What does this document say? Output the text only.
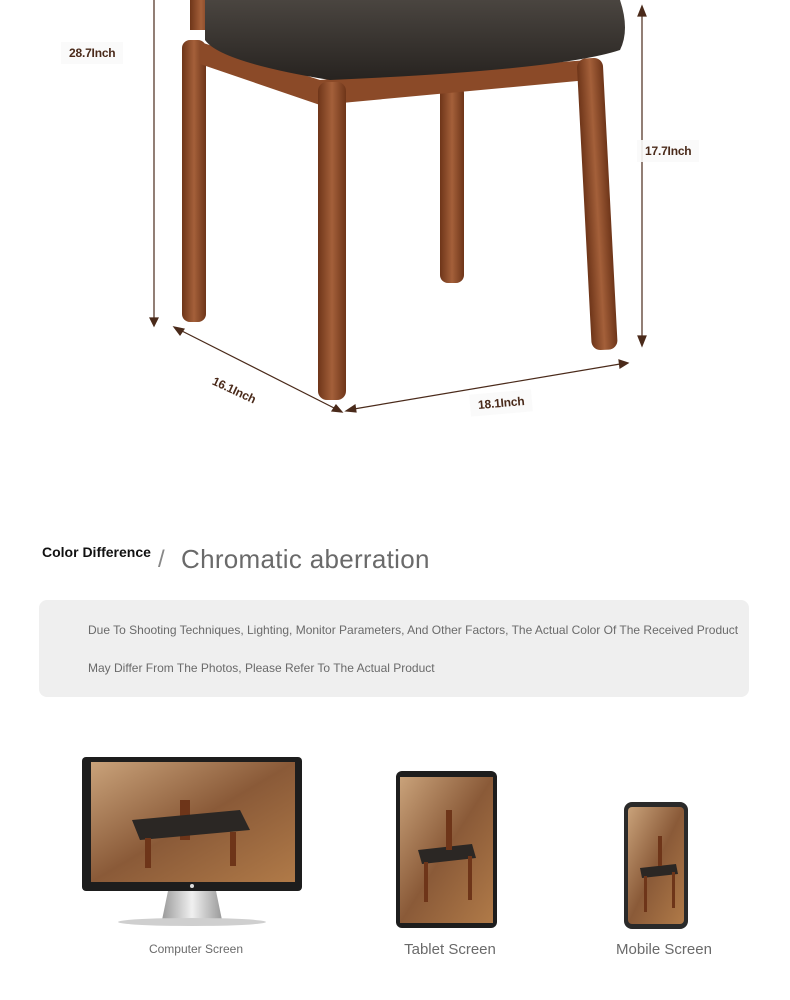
28.7Inch
17.7Inch
16.1Inch	18.1Inch
Color Difference / Chromatic aberration

Due To Shooting Techniques, Lighting, Monitor Parameters, And Other Factors, The Actual Color Of The Received Product

May Differ From The Photos, Please Refer To The Actual Product

Computer Screen	Tablet Screen	Mobile Screen
